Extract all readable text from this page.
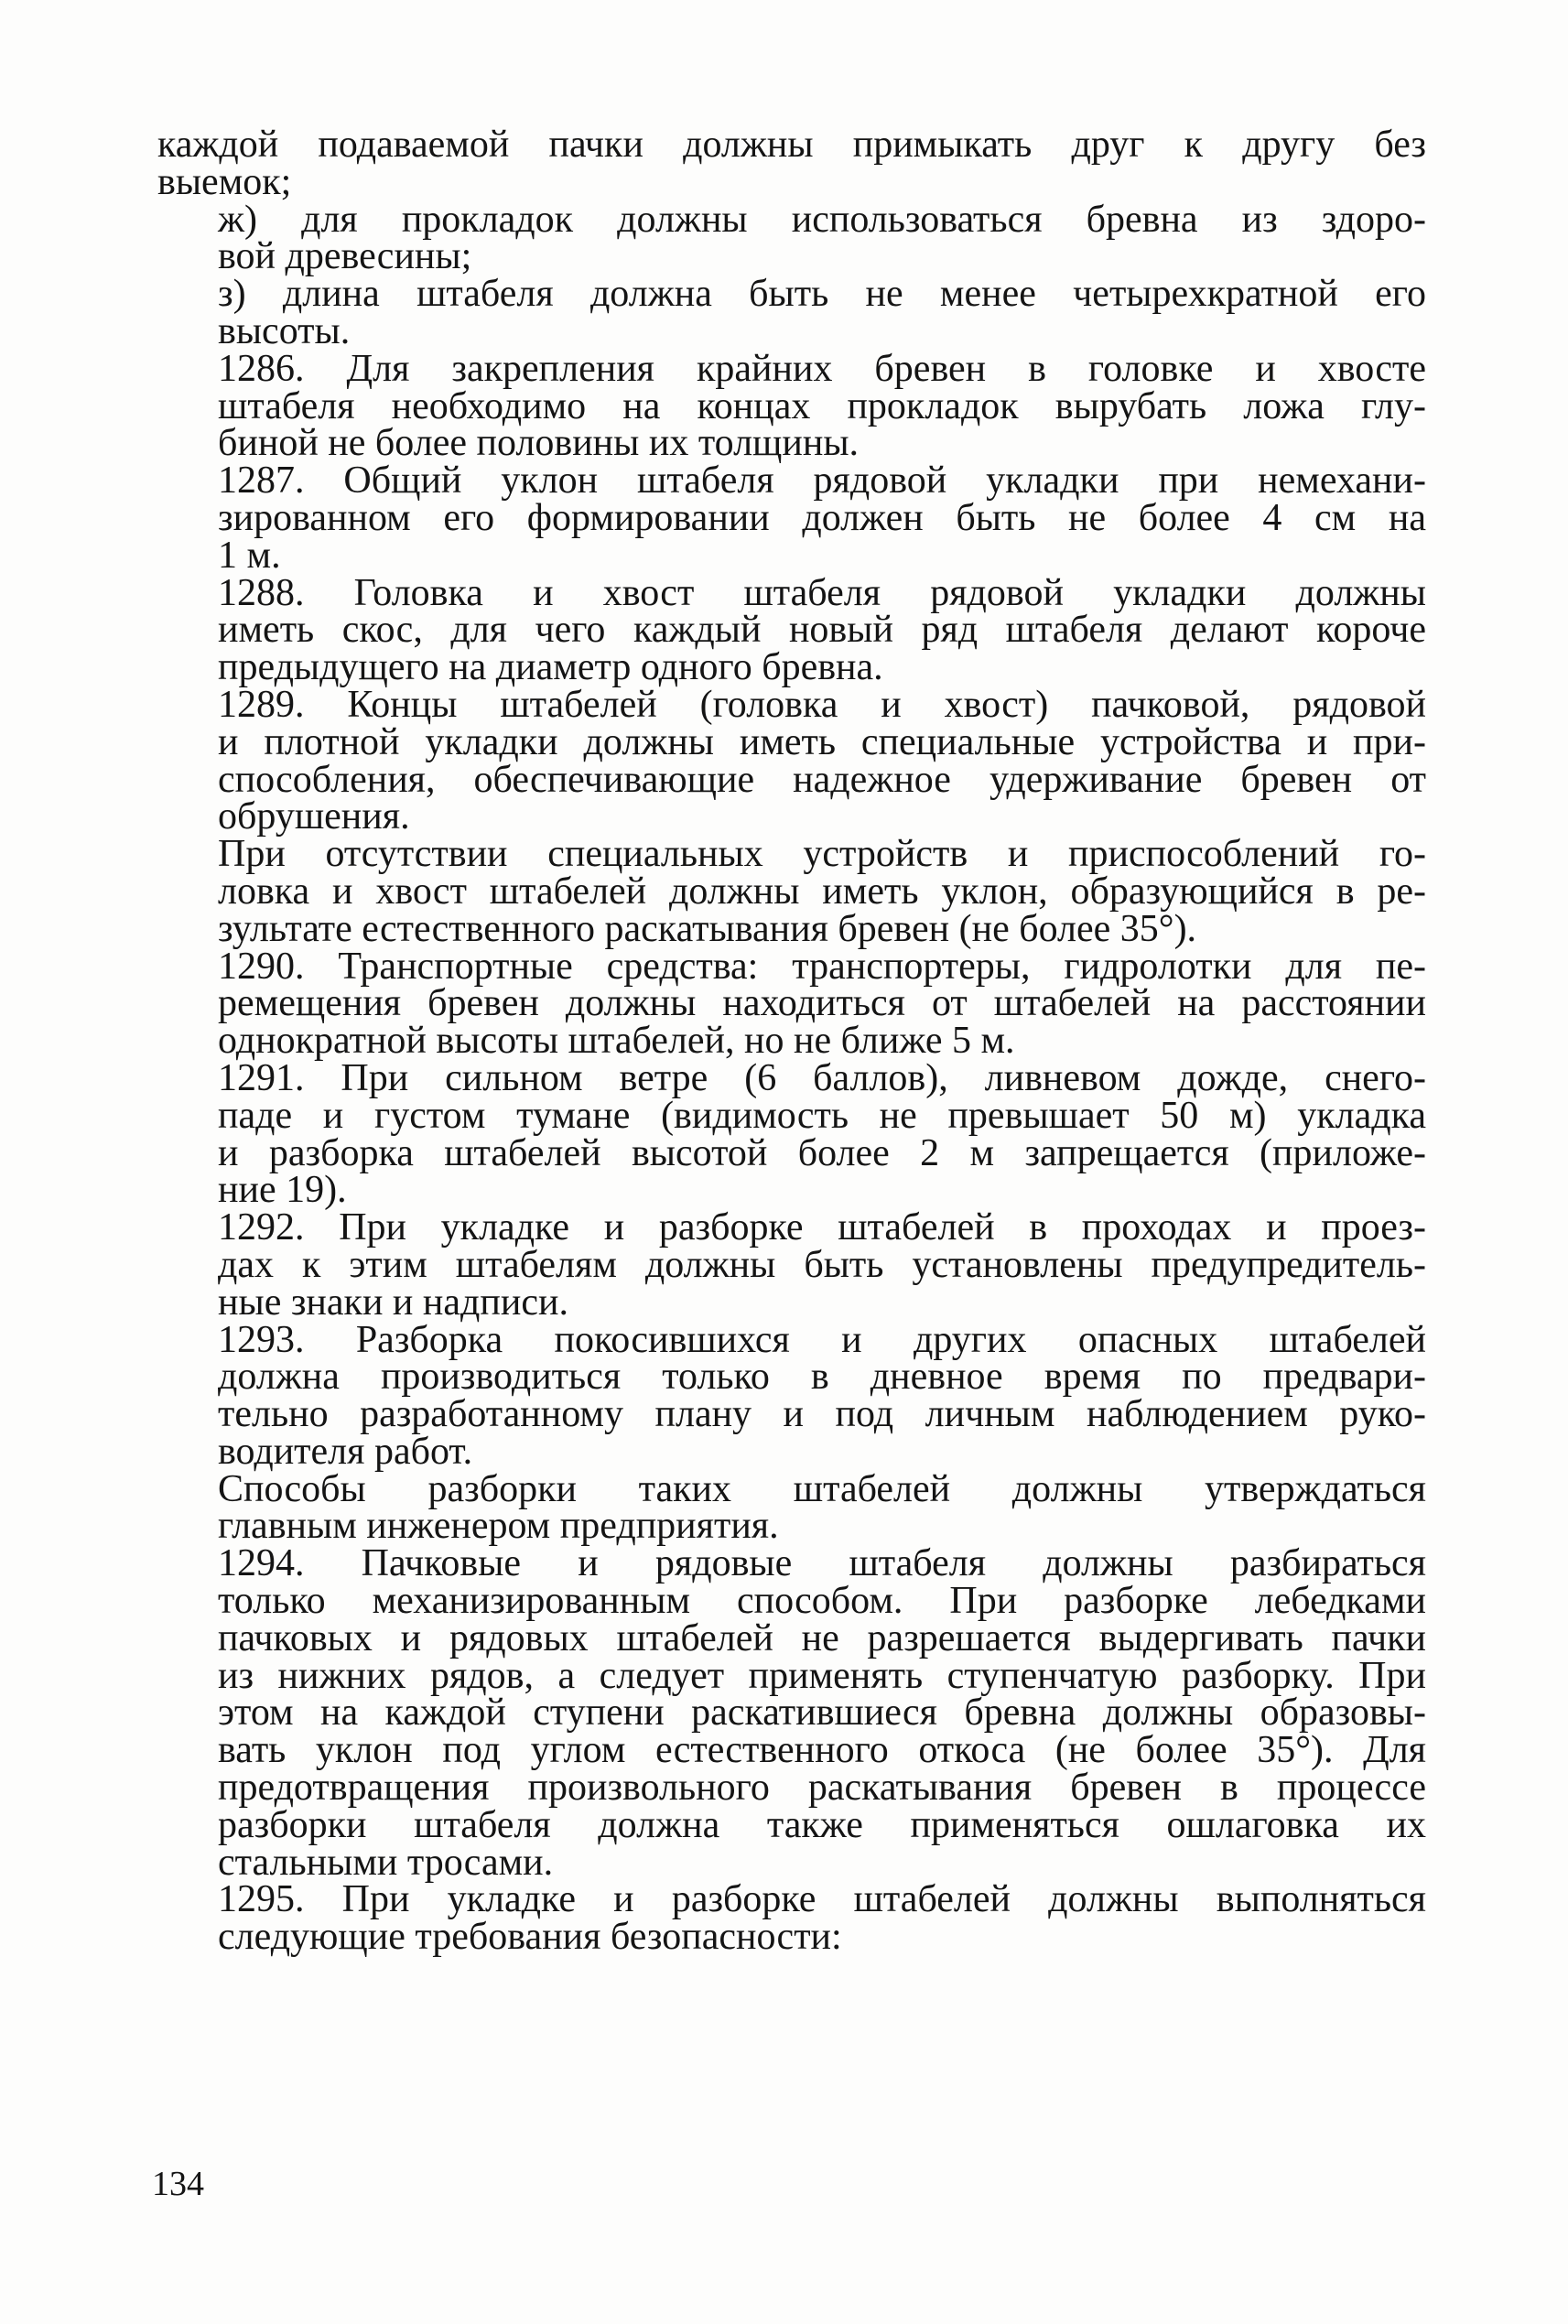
каждой подаваемой пачки должны примыкать друг к другу без
выемок;
ж) для прокладок должны использоваться бревна из здоро-
вой древесины;
з) длина штабеля должна быть не менее четырехкратной его
высоты.
1286. Для закрепления крайних бревен в головке и хвосте
штабеля необходимо на концах прокладок вырубать ложа глу-
биной не более половины их толщины.
1287. Общий уклон штабеля рядовой укладки при немехани-
зированном его формировании должен быть не более 4 см на
1 м.
1288. Головка и хвост штабеля рядовой укладки должны
иметь скос, для чего каждый новый ряд штабеля делают короче
предыдущего на диаметр одного бревна.
1289. Концы штабелей (головка и хвост) пачковой, рядовой
и плотной укладки должны иметь специальные устройства и при-
способления, обеспечивающие надежное удерживание бревен от
обрушения.
При отсутствии специальных устройств и приспособлений го-
ловка и хвост штабелей должны иметь уклон, образующийся в ре-
зультате естественного раскатывания бревен (не более 35°).
1290. Транспортные средства: транспортеры, гидролотки для пе-
ремещения бревен должны находиться от штабелей на расстоянии
однократной высоты штабелей, но не ближе 5 м.
1291. При сильном ветре (6 баллов), ливневом дожде, снего-
паде и густом тумане (видимость не превышает 50 м) укладка
и разборка штабелей высотой более 2 м запрещается (приложе-
ние 19).
1292. При укладке и разборке штабелей в проходах и проез-
дах к этим штабелям должны быть установлены предупредитель-
ные знаки и надписи.
1293. Разборка покосившихся и других опасных штабелей
должна производиться только в дневное время по предвари-
тельно разработанному плану и под личным наблюдением руко-
водителя работ.
Способы разборки таких штабелей должны утверждаться
главным инженером предприятия.
1294. Пачковые и рядовые штабеля должны разбираться
только механизированным способом. При разборке лебедками
пачковых и рядовых штабелей не разрешается выдергивать пачки
из нижних рядов, а следует применять ступенчатую разборку. При
этом на каждой ступени раскатившиеся бревна должны образовы-
вать уклон под углом естественного откоса (не более 35°). Для
предотвращения произвольного раскатывания бревен в процессе
разборки штабеля должна также применяться ошлаговка их
стальными тросами.
1295. При укладке и разборке штабелей должны выполняться
следующие требования безопасности:
134
